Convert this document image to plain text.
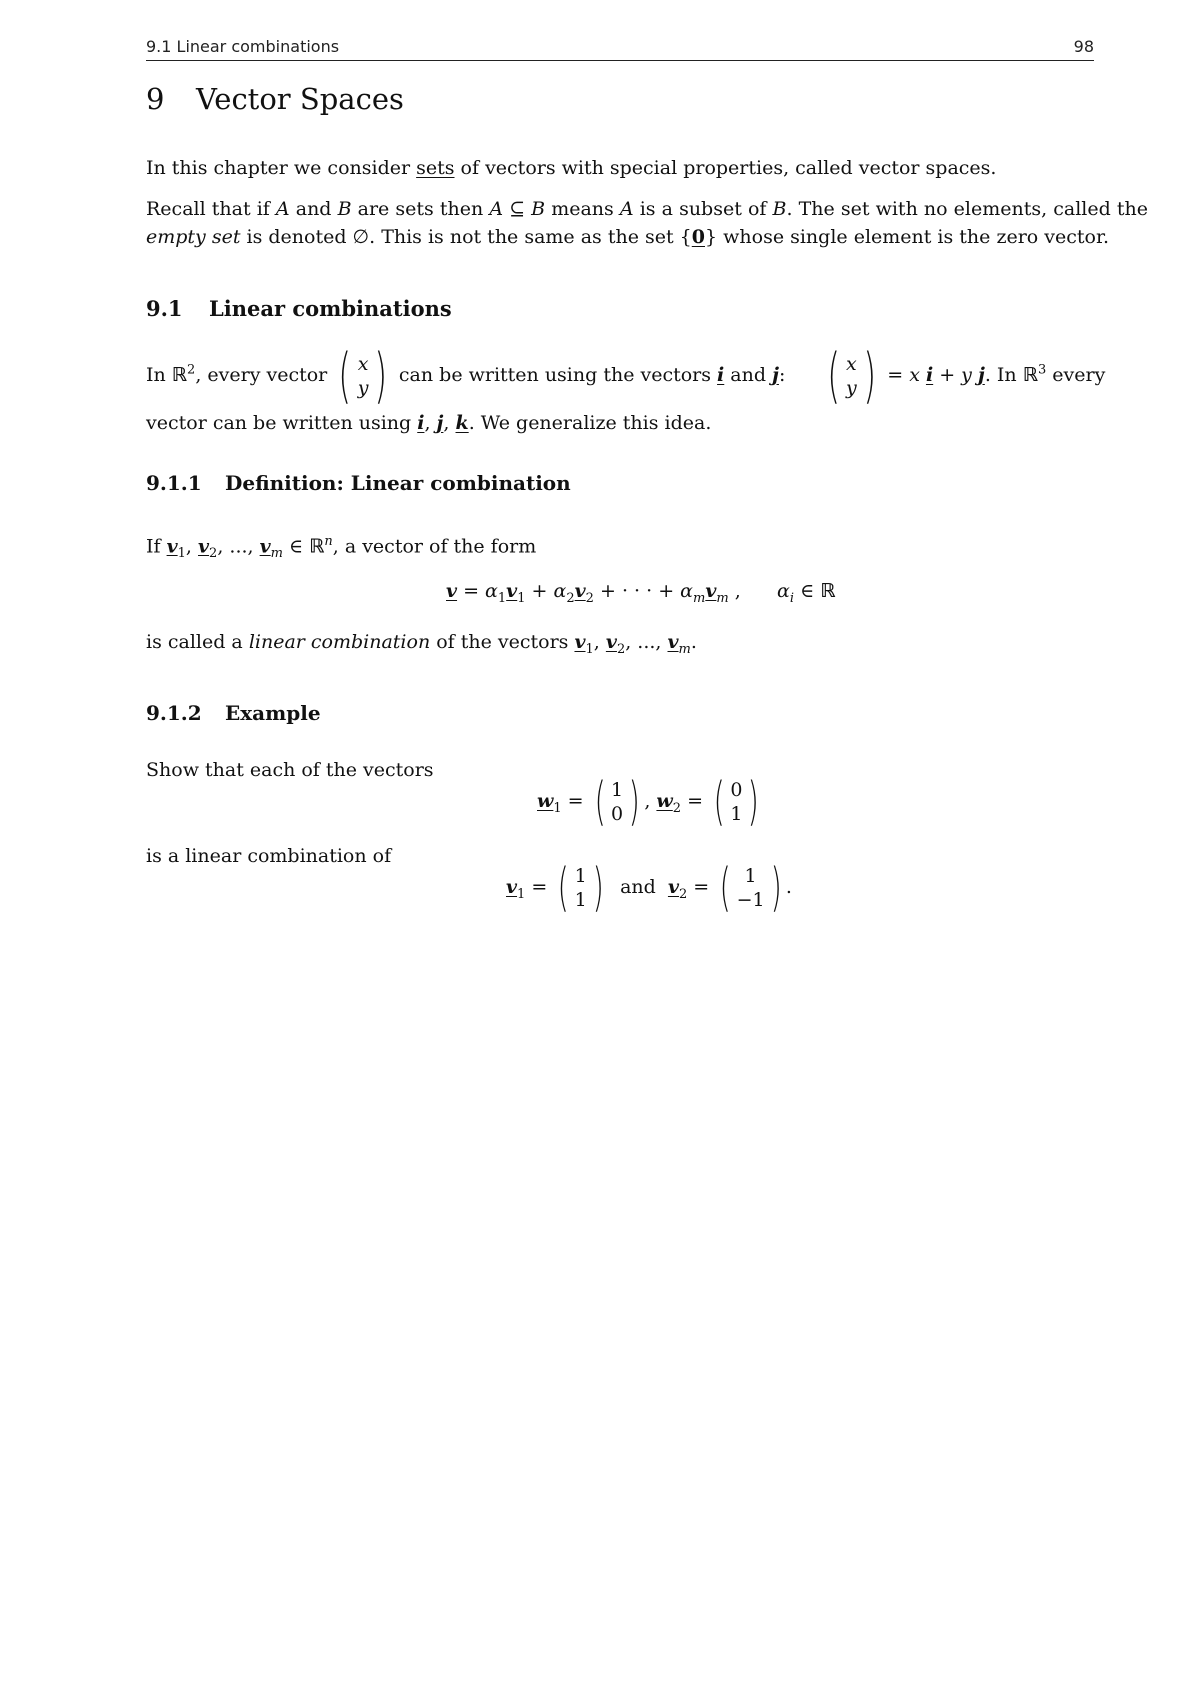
9.1 Linear combinations	98
9 Vector Spaces

In this chapter we consider sets of vectors with special properties, called vector spaces.

Recall that if A and B are sets then A ⊆ B means A is a subset of B. The set with no elements, called the empty set is denoted ∅. This is not the same as the set {0} whose single element is the zero vector.

9.1 Linear combinations

In ℝ$^2$, every vector ( x
y ) can be written using the vectors i and j: ( x
y ) = x i + y j. In ℝ$^3$ every vector can be written using i, j, k. We generalize this idea.

9.1.1 Definition: Linear combination

If $v_1$, $v_2$, ..., $v_m$ ∈ ℝ$^n$, a vector of the form

$v = \alpha_1v_1 + \alpha_2v_2$ + · · · + $\alpha_mv_m$ , $\alpha_i$ ∈ ℝ

is called a linear combination of the vectors $v_1$, $v_2$, ..., $v_m$.

9.1.2 Example

Show that each of the vectors

$w_1$ = ( 1
0 ) , $w_2$ = ( 0
1 )

is a linear combination of

$v_1$ = ( 1
1 ) and $v_2$ = ( 1
−1 ) .
